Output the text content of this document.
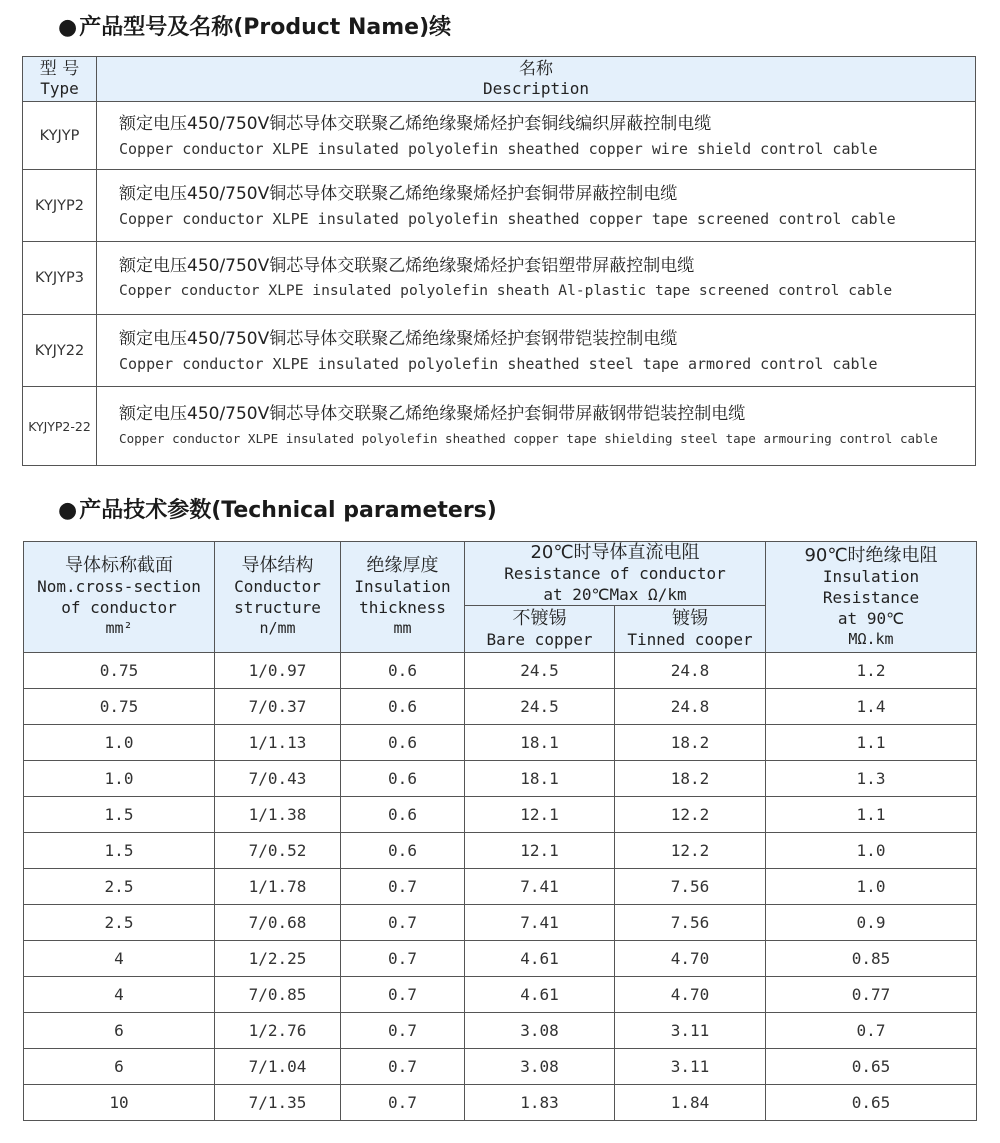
●产品型号及名称(Product Name)续
型 号
Type	名称
Description

KYJYP	额定电压450/750V铜芯导体交联聚乙烯绝缘聚烯烃护套铜线编织屏蔽控制电缆
Copper conductor XLPE insulated polyolefin sheathed copper wire shield control cable

KYJYP2	额定电压450/750V铜芯导体交联聚乙烯绝缘聚烯烃护套铜带屏蔽控制电缆
Copper conductor XLPE insulated polyolefin sheathed copper tape screened control cable

KYJYP3	额定电压450/750V铜芯导体交联聚乙烯绝缘聚烯烃护套铝塑带屏蔽控制电缆
Copper conductor XLPE insulated polyolefin sheath Al-plastic tape screened control cable

KYJY22	额定电压450/750V铜芯导体交联聚乙烯绝缘聚烯烃护套钢带铠装控制电缆
Copper conductor XLPE insulated polyolefin sheathed steel tape armored control cable

KYJYP2-22	额定电压450/750V铜芯导体交联聚乙烯绝缘聚烯烃护套铜带屏蔽钢带铠装控制电缆
Copper conductor XLPE insulated polyolefin sheathed copper tape shielding steel tape armouring control cable
●产品技术参数(Technical parameters)
导体标称截面
Nom.cross-section
of conductor
mm²	导体结构
Conductor
structure
n/mm	绝缘厚度
Insulation
thickness
mm	20℃时导体直流电阻
Resistance of conductor
at 20℃Max Ω/km		90℃时绝缘电阻
Insulation
Resistance
at 90℃
MΩ.km

			不镀锡
Bare copper	镀锡
Tinned cooper	

0.75	1/0.97	0.6	24.5	24.8	1.2
0.75	7/0.37	0.6	24.5	24.8	1.4
1.0	1/1.13	0.6	18.1	18.2	1.1
1.0	7/0.43	0.6	18.1	18.2	1.3
1.5	1/1.38	0.6	12.1	12.2	1.1
1.5	7/0.52	0.6	12.1	12.2	1.0
2.5	1/1.78	0.7	7.41	7.56	1.0
2.5	7/0.68	0.7	7.41	7.56	0.9
4	1/2.25	0.7	4.61	4.70	0.85
4	7/0.85	0.7	4.61	4.70	0.77
6	1/2.76	0.7	3.08	3.11	0.7
6	7/1.04	0.7	3.08	3.11	0.65
10	7/1.35	0.7	1.83	1.84	0.65
